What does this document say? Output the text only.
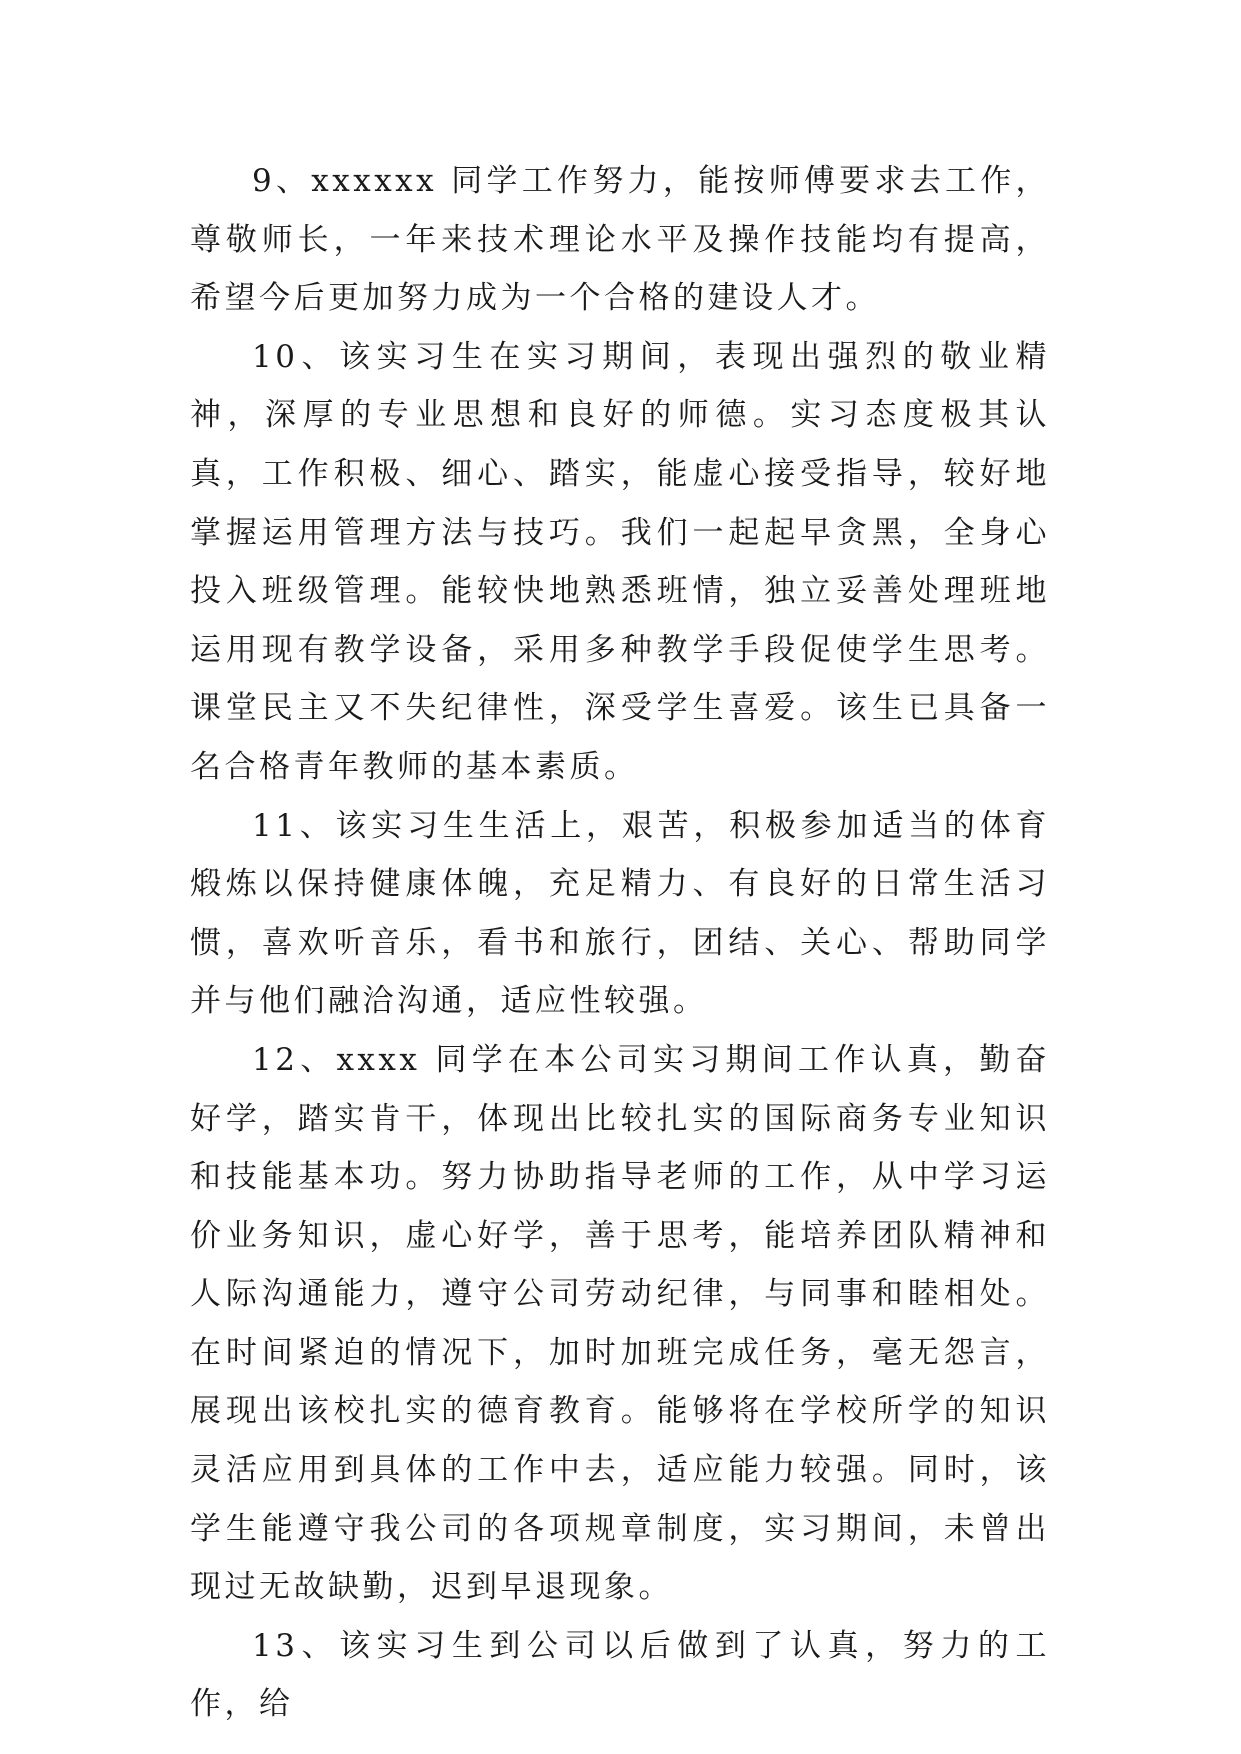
9、xxxxxx 同学工作努力，能按师傅要求去工作，尊敬师长，一年来技术理论水平及操作技能均有提高，希望今后更加努力成为一个合格的建设人才。

10、该实习生在实习期间，表现出强烈的敬业精神，深厚的专业思想和良好的师德。实习态度极其认真，工作积极、细心、踏实，能虚心接受指导，较好地掌握运用管理方法与技巧。我们一起起早贪黑，全身心投入班级管理。能较快地熟悉班情，独立妥善处理班地运用现有教学设备，采用多种教学手段促使学生思考。课堂民主又不失纪律性，深受学生喜爱。该生已具备一名合格青年教师的基本素质。

11、该实习生生活上，艰苦，积极参加适当的体育煅炼以保持健康体魄，充足精力、有良好的日常生活习惯，喜欢听音乐，看书和旅行，团结、关心、帮助同学并与他们融洽沟通，适应性较强。

12、xxxx 同学在本公司实习期间工作认真，勤奋好学，踏实肯干，体现出比较扎实的国际商务专业知识和技能基本功。努力协助指导老师的工作，从中学习运价业务知识，虚心好学，善于思考，能培养团队精神和人际沟通能力，遵守公司劳动纪律，与同事和睦相处。在时间紧迫的情况下，加时加班完成任务，毫无怨言，展现出该校扎实的德育教育。能够将在学校所学的知识灵活应用到具体的工作中去，适应能力较强。同时，该学生能遵守我公司的各项规章制度，实习期间，未曾出现过无故缺勤，迟到早退现象。

13、该实习生到公司以后做到了认真，努力的工作，给
